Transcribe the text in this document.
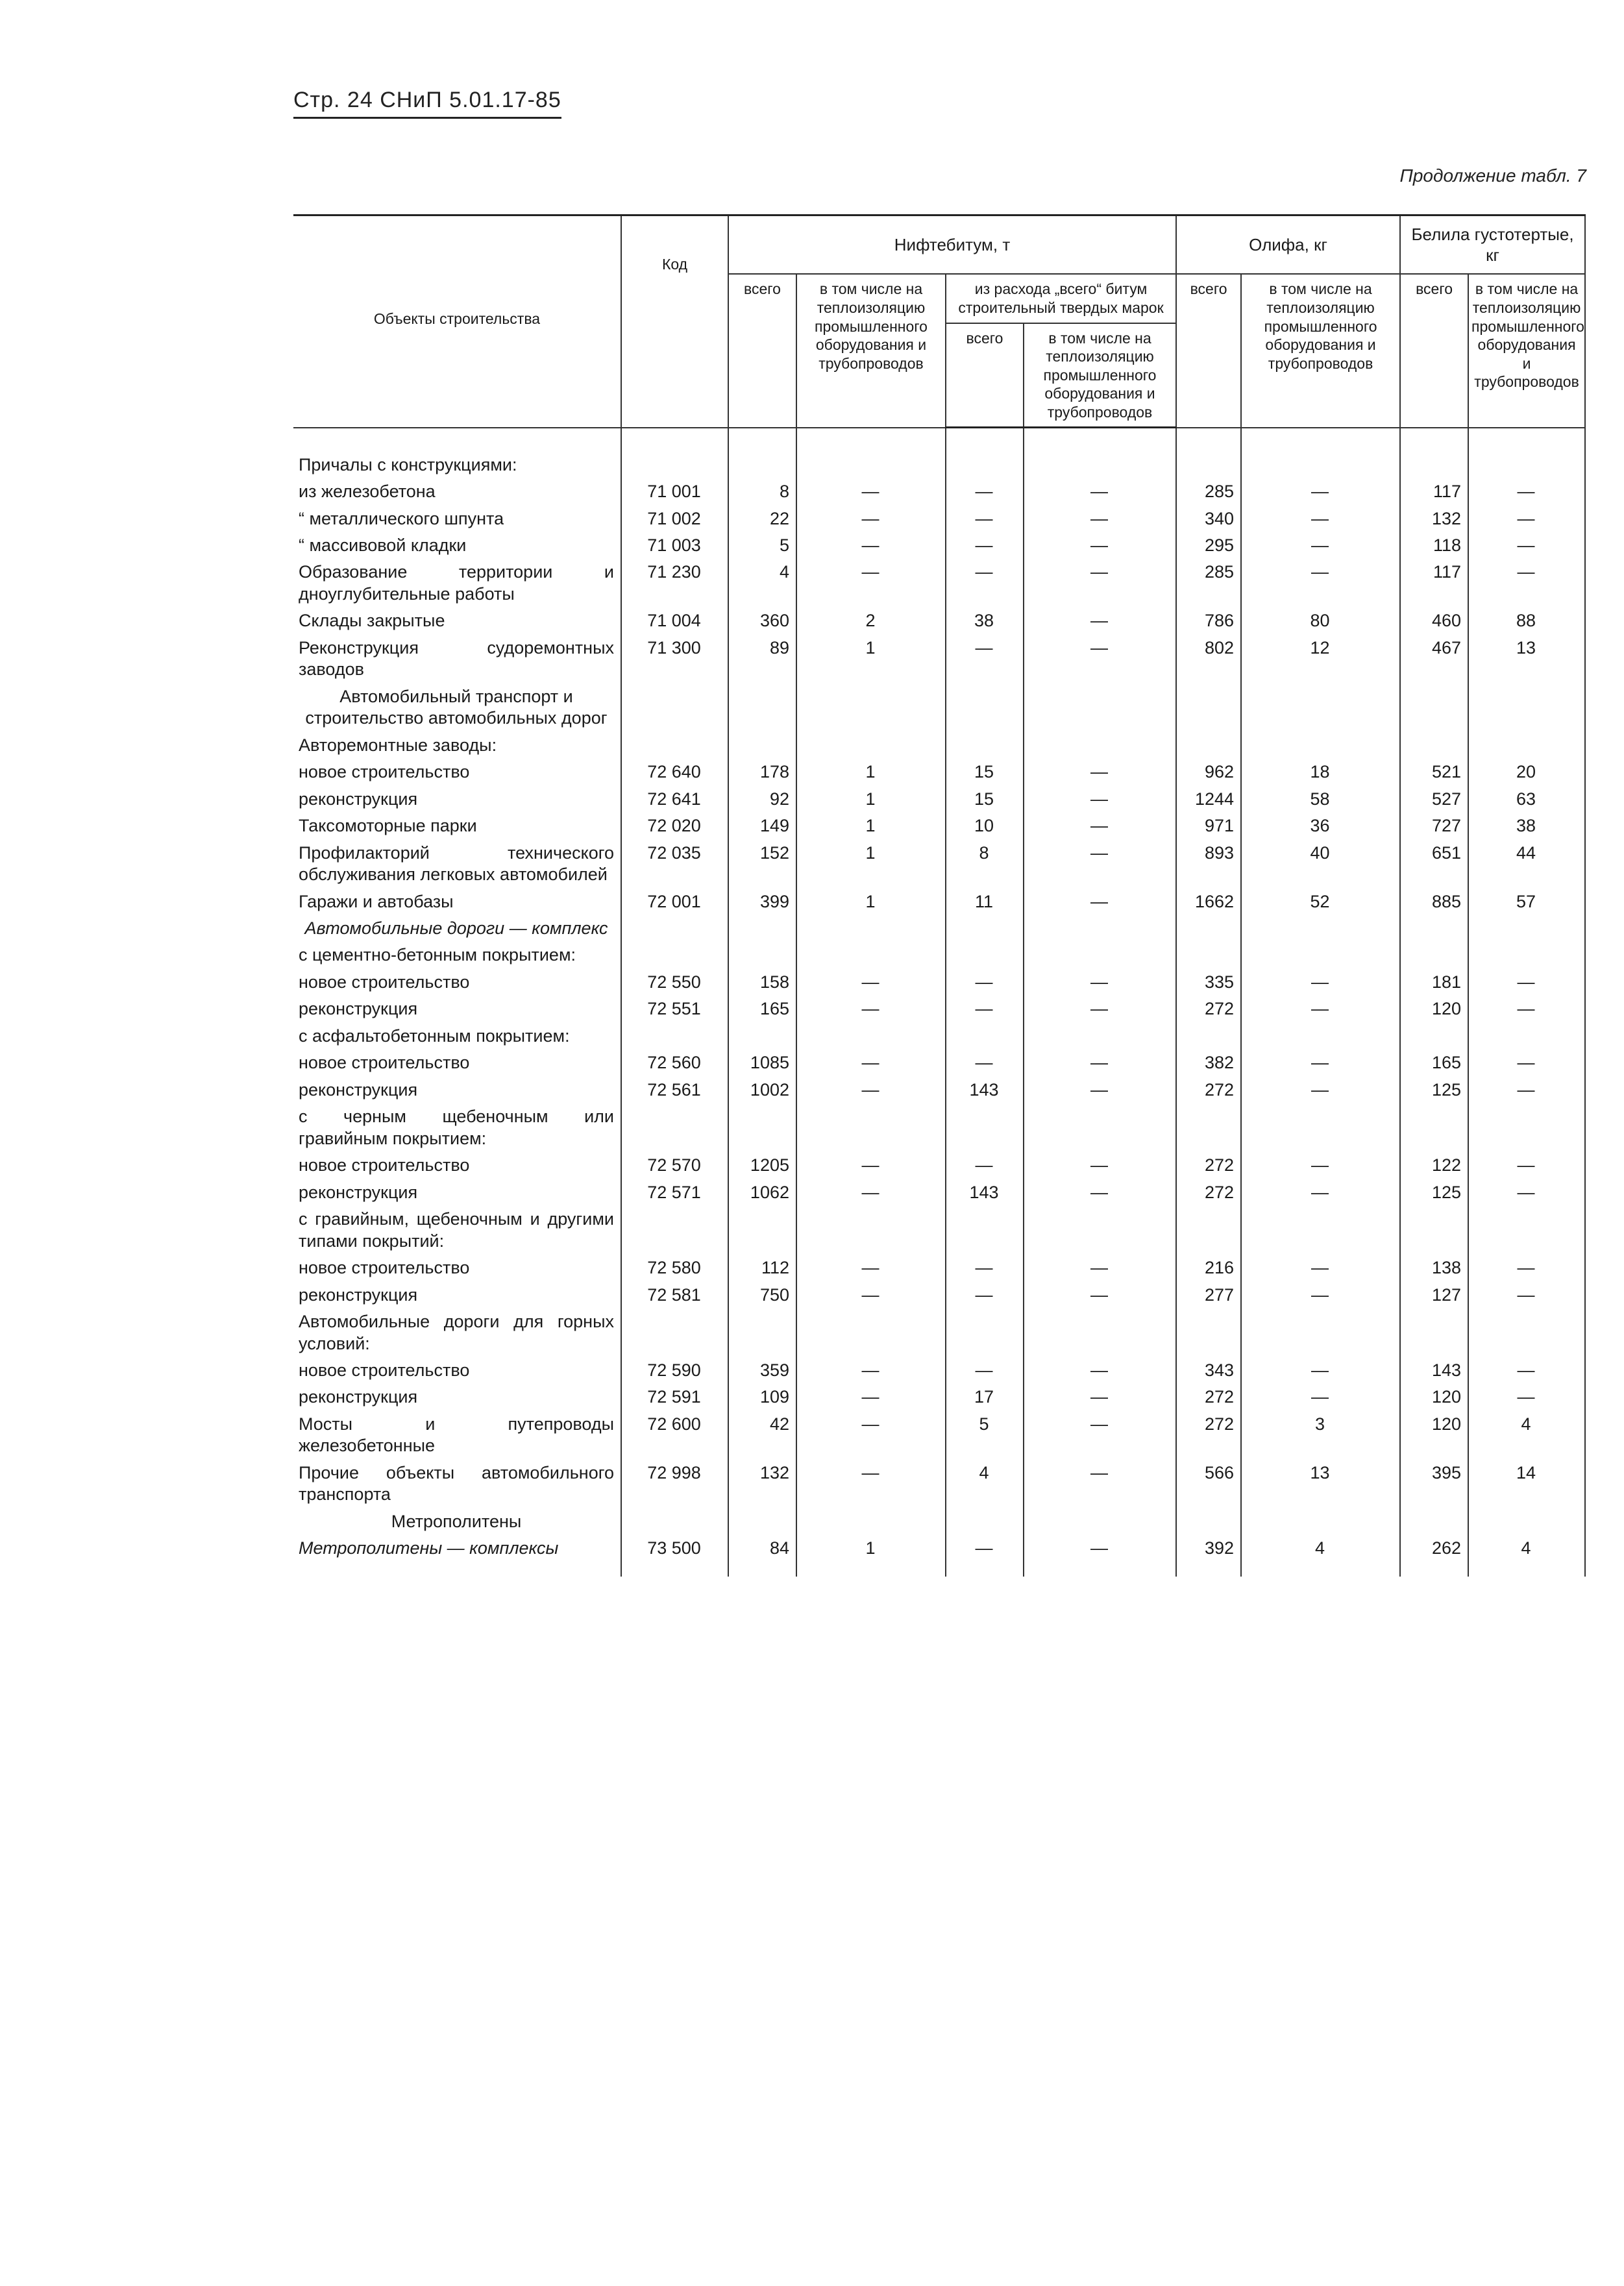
Стр. 24 СНиП 5.01.17-85
Продолжение табл. 7
Объекты строительства	Код	Нифтебитум, т				Олифа, кг		Белила густотертые, кг	
		всего	в том числе на теплоизоляцию промышленного оборудования и трубопроводов	из расхода „всего“ битум строительный твердых марок		всего	в том числе на теплоизоляцию промышленного оборудования и трубопроводов	всего	в том числе на теплоизоляцию промышленного оборудования и трубопроводов
				всего	в том числе на теплоизоляцию промышленного оборудования и трубопроводов				
Причалы с конструкциями:									
из железобетона	71 001	8	—	—	—	285	—	117	—
“ металлического шпунта	71 002	22	—	—	—	340	—	132	—
“ массивовой кладки	71 003	5	—	—	—	295	—	118	—
Образование территории и дноуглубительные работы	71 230	4	—	—	—	285	—	117	—
Склады закрытые	71 004	360	2	38	—	786	80	460	88
Реконструкция судоремонтных заводов	71 300	89	1	—	—	802	12	467	13
Автомобильный транспорт и строительство автомобильных дорог									
Авторемонтные заводы:									
новое строительство	72 640	178	1	15	—	962	18	521	20
реконструкция	72 641	92	1	15	—	1244	58	527	63
Таксомоторные парки	72 020	149	1	10	—	971	36	727	38
Профилакторий технического обслуживания легковых автомобилей	72 035	152	1	8	—	893	40	651	44
Гаражи и автобазы	72 001	399	1	11	—	1662	52	885	57
Автомобильные дороги — комплекс									
с цементно-бетонным покрытием:									
новое строительство	72 550	158	—	—	—	335	—	181	—
реконструкция	72 551	165	—	—	—	272	—	120	—
с асфальтобетонным покрытием:									
новое строительство	72 560	1085	—	—	—	382	—	165	—
реконструкция	72 561	1002	—	143	—	272	—	125	—
с черным щебеночным или гравийным покрытием:									
новое строительство	72 570	1205	—	—	—	272	—	122	—
реконструкция	72 571	1062	—	143	—	272	—	125	—
с гравийным, щебеночным и другими типами покрытий:									
новое строительство	72 580	112	—	—	—	216	—	138	—
реконструкция	72 581	750	—	—	—	277	—	127	—
Автомобильные дороги для горных условий:									
новое строительство	72 590	359	—	—	—	343	—	143	—
реконструкция	72 591	109	—	17	—	272	—	120	—
Мосты и путепроводы железобетонные	72 600	42	—	5	—	272	3	120	4
Прочие объекты автомобильного транспорта	72 998	132	—	4	—	566	13	395	14
Метрополитены									
Метрополитены — комплексы	73 500	84	1	—	—	392	4	262	4
